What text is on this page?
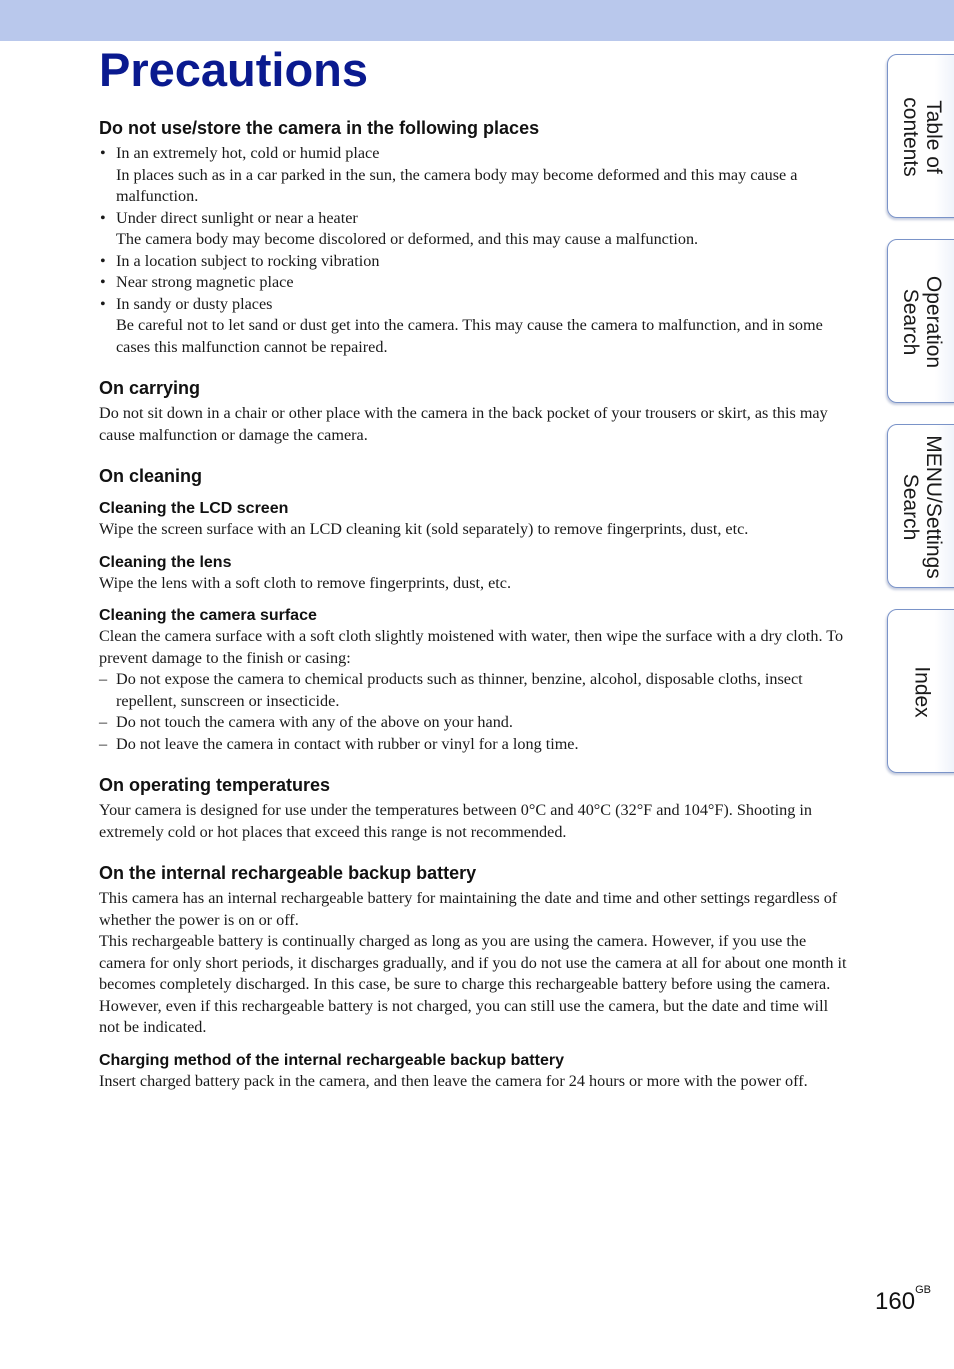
Precautions
Do not use/store the camera in the following places
• In an extremely hot, cold or humid place
In places such as in a car parked in the sun, the camera body may become deformed and this may cause a malfunction.
• Under direct sunlight or near a heater
The camera body may become discolored or deformed, and this may cause a malfunction.
• In a location subject to rocking vibration
• Near strong magnetic place
• In sandy or dusty places
Be careful not to let sand or dust get into the camera. This may cause the camera to malfunction, and in some cases this malfunction cannot be repaired.
On carrying

Do not sit down in a chair or other place with the camera in the back pocket of your trousers or skirt, as this may cause malfunction or damage the camera.

On cleaning
Cleaning the LCD screen

Wipe the screen surface with an LCD cleaning kit (sold separately) to remove fingerprints, dust, etc.

Cleaning the lens

Wipe the lens with a soft cloth to remove fingerprints, dust, etc.

Cleaning the camera surface

Clean the camera surface with a soft cloth slightly moistened with water, then wipe the surface with a dry cloth. To prevent damage to the finish or casing:

– Do not expose the camera to chemical products such as thinner, benzine, alcohol, disposable cloths, insect repellent, sunscreen or insecticide.
– Do not touch the camera with any of the above on your hand.
– Do not leave the camera in contact with rubber or vinyl for a long time.
On operating temperatures

Your camera is designed for use under the temperatures between 0°C and 40°C (32°F and 104°F). Shooting in extremely cold or hot places that exceed this range is not recommended.

On the internal rechargeable backup battery

This camera has an internal rechargeable battery for maintaining the date and time and other settings regardless of whether the power is on or off.

This rechargeable battery is continually charged as long as you are using the camera. However, if you use the camera for only short periods, it discharges gradually, and if you do not use the camera at all for about one month it becomes completely discharged. In this case, be sure to charge this rechargeable battery before using the camera.

However, even if this rechargeable battery is not charged, you can still use the camera, but the date and time will not be indicated.

Charging method of the internal rechargeable backup battery

Insert charged battery pack in the camera, and then leave the camera for 24 hours or more with the power off.

Table of
contents
Operation
Search
MENU/Settings
Search
Index
$160^{GB}$
